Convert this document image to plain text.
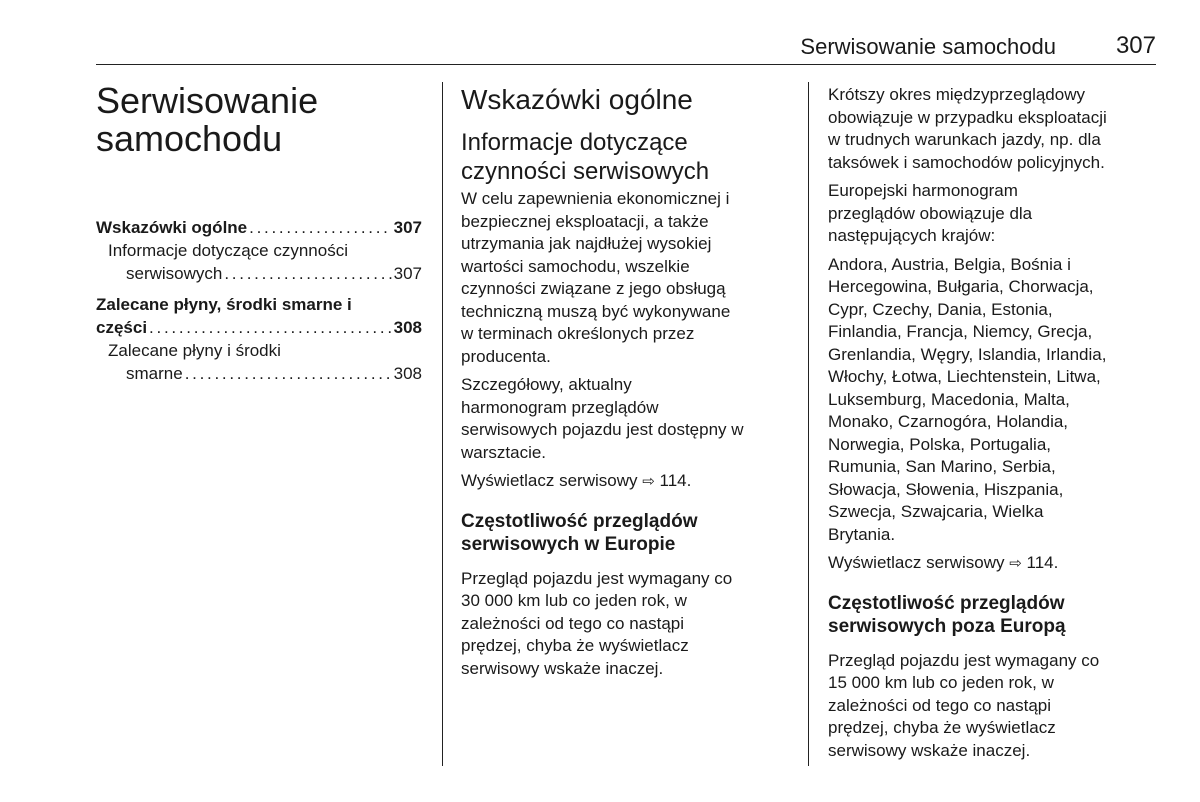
Serwisowanie samochodu 307
Serwisowanie
samochodu
Wskazówki ogólne . . .	307
Informacje dotyczące czynności
serwisowych . . .	307
Zalecane płyny, środki smarne i
części . . .	308
Zalecane płyny i środki
smarne . . .	308
Wskazówki ogólne
Informacje dotyczące
czynności serwisowych

W celu zapewnienia ekonomicznej i
bezpiecznej eksploatacji, a także
utrzymania jak najdłużej wysokiej
wartości samochodu, wszelkie
czynności związane z jego obsługą
techniczną muszą być wykonywane
w terminach określonych przez
producenta.

Szczegółowy, aktualny
harmonogram przeglądów
serwisowych pojazdu jest dostępny w
warsztacie.

Wyświetlacz serwisowy ⇨ 114.

Częstotliwość przeglądów
serwisowych w Europie

Przegląd pojazdu jest wymagany co
30 000 km lub co jeden rok, w
zależności od tego co nastąpi
prędzej, chyba że wyświetlacz
serwisowy wskaże inaczej.

Krótszy okres międzyprzeglądowy
obowiązuje w przypadku eksploatacji
w trudnych warunkach jazdy, np. dla
taksówek i samochodów policyjnych.

Europejski harmonogram
przeglądów obowiązuje dla
następujących krajów:

Andora, Austria, Belgia, Bośnia i
Hercegowina, Bułgaria, Chorwacja,
Cypr, Czechy, Dania, Estonia,
Finlandia, Francja, Niemcy, Grecja,
Grenlandia, Węgry, Islandia, Irlandia,
Włochy, Łotwa, Liechtenstein, Litwa,
Luksemburg, Macedonia, Malta,
Monako, Czarnogóra, Holandia,
Norwegia, Polska, Portugalia,
Rumunia, San Marino, Serbia,
Słowacja, Słowenia, Hiszpania,
Szwecja, Szwajcaria, Wielka
Brytania.

Wyświetlacz serwisowy ⇨ 114.

Częstotliwość przeglądów
serwisowych poza Europą

Przegląd pojazdu jest wymagany co
15 000 km lub co jeden rok, w
zależności od tego co nastąpi
prędzej, chyba że wyświetlacz
serwisowy wskaże inaczej.
